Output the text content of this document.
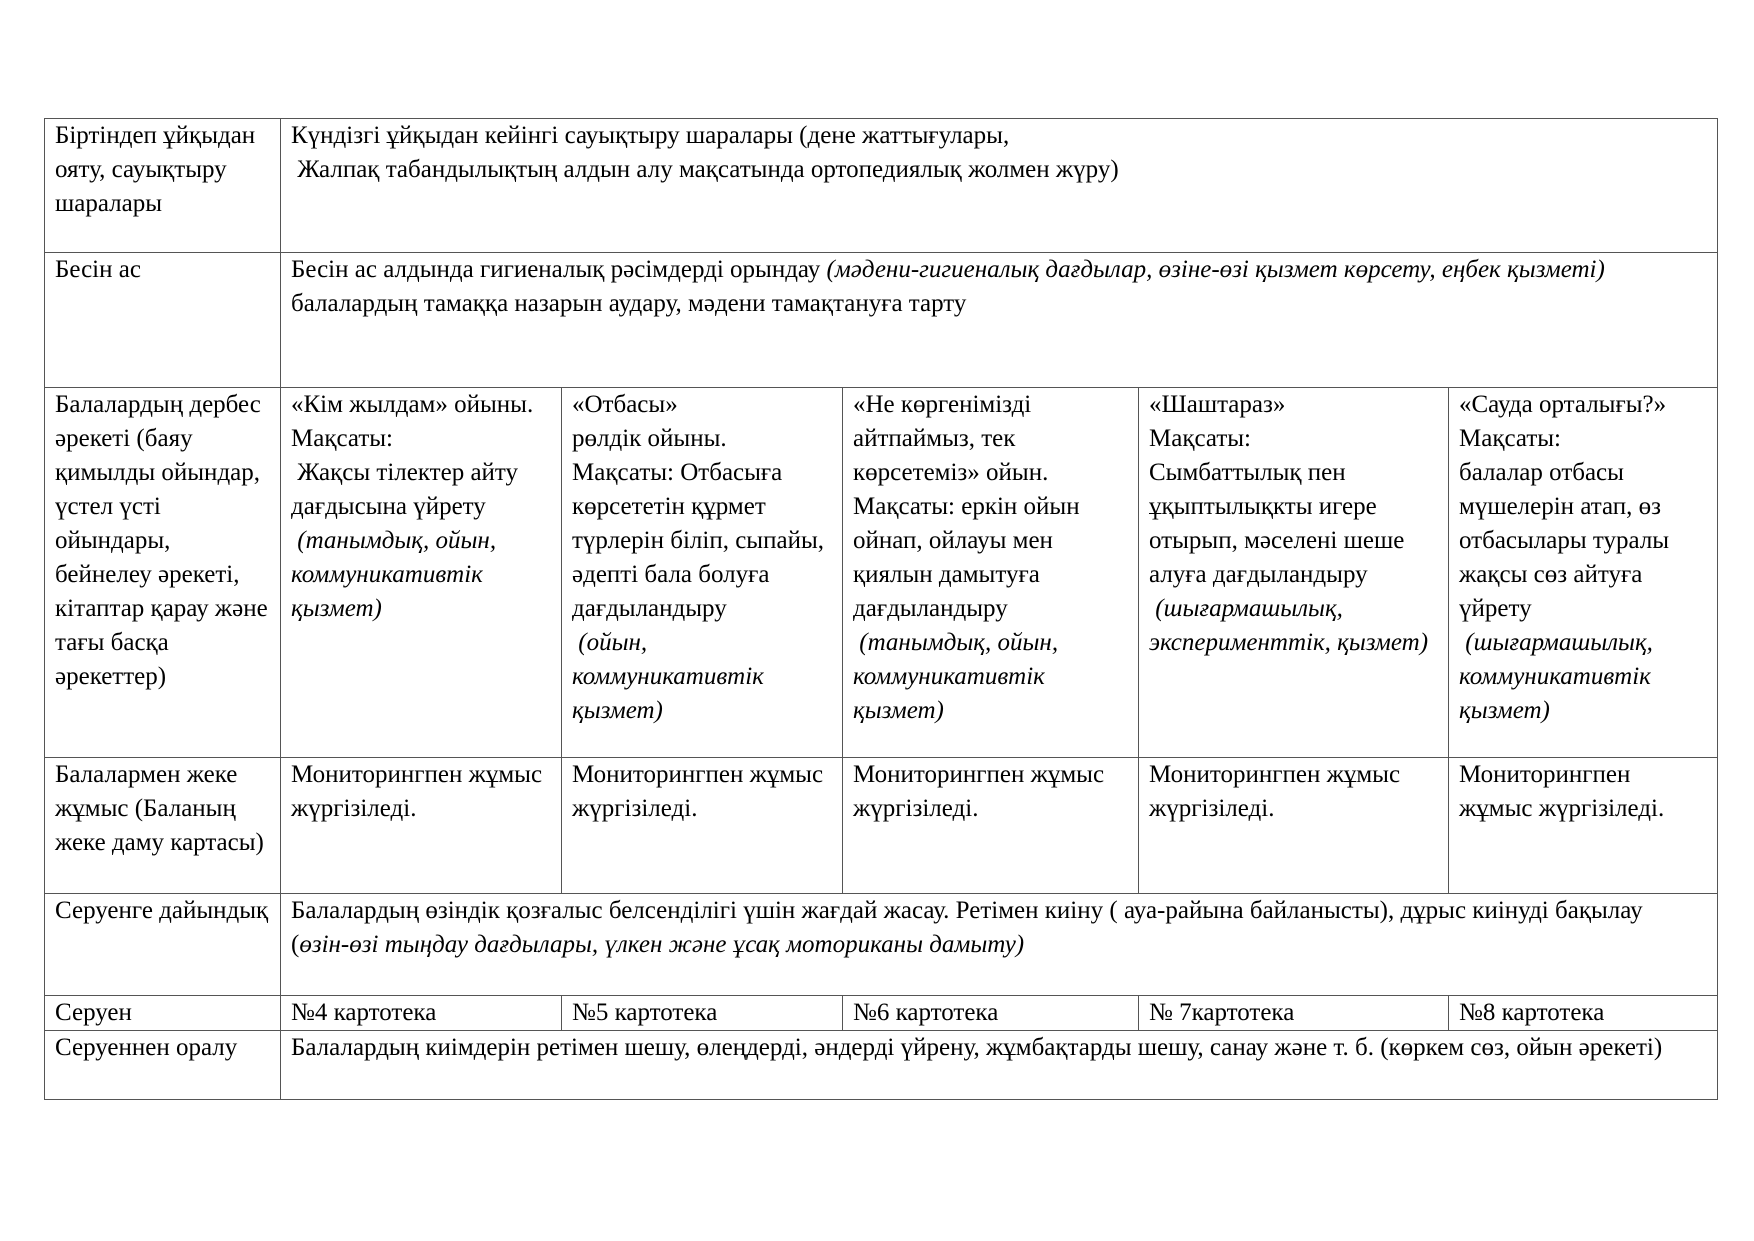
Біртіндеп ұйқыдан ояту, сауықтыру шаралары	Күндізгі ұйқыдан кейінгі сауықтыру шаралары (дене жаттығулары,
Жалпақ табандылықтың алдын алу мақсатында ортопедиялық жолмен жүру)				

Бесін ас	Бесін ас алдында гигиеналық рәсімдерді орындау (мәдени-гигиеналық дағдылар, өзіне-өзі қызмет көрсету, еңбек қызметі)
балалардың тамаққа назарын аудару, мәдени тамақтануға тарту				

Балалардың дербес әрекеті (баяу қимылды ойындар, үстел үсті ойындары, бейнелеу әрекеті, кітаптар қарау және тағы басқа әрекеттер)	«Кім жылдам» ойыны. Мақсаты:
Жақсы тілектер айту дағдысына үйрету
(танымдық, ойын, коммуникативтік қызмет)	«Отбасы»
рөлдік ойыны.
Мақсаты: Отбасыға көрсететін құрмет түрлерін біліп, сыпайы, әдепті бала болуға дағдыландыру
(ойын, коммуникативтік қызмет)	«Не көргенімізді айтпаймыз, тек көрсетеміз» ойын.
Мақсаты: еркін ойын ойнап, ойлауы мен қиялын дамытуға дағдыландыру
(танымдық, ойын, коммуникативтік қызмет)	«Шаштараз»
Мақсаты:
Сымбаттылық пен ұқыптылықкты игере отырып, мәселені шеше алуға дағдыландыру
(шығармашылық, эксперименттік, қызмет)	«Сауда орталығы?»
Мақсаты:
балалар отбасы мүшелерін атап, өз отбасылары туралы жақсы сөз айтуға үйрету
(шығармашылық, коммуникативтік қызмет)
Балалармен жеке жұмыс (Баланың жеке даму картасы)	Мониторингпен жұмыс жүргізіледі.	Мониторингпен жұмыс жүргізіледі.	Мониторингпен жұмыс жүргізіледі.	Мониторингпен жұмыс жүргізіледі.	Мониторингпен жұмыс жүргізіледі.
Серуенге дайындық	Балалардың өзіндік қозғалыс белсенділігі үшін жағдай жасау. Ретімен киіну ( ауа-райына байланысты), дұрыс киінуді бақылау
(өзін-өзі тыңдау дағдылары, үлкен және ұсақ моториканы дамыту)				

Серуен	№4 картотека	№5 картотека	№6 картотека	№ 7картотека	№8 картотека
Серуеннен оралу	Балалардың киімдерін ретімен шешу, өлеңдерді, әндерді үйрену, жұмбақтарды шешу, санау және т. б. (көркем сөз, ойын әрекеті)				
